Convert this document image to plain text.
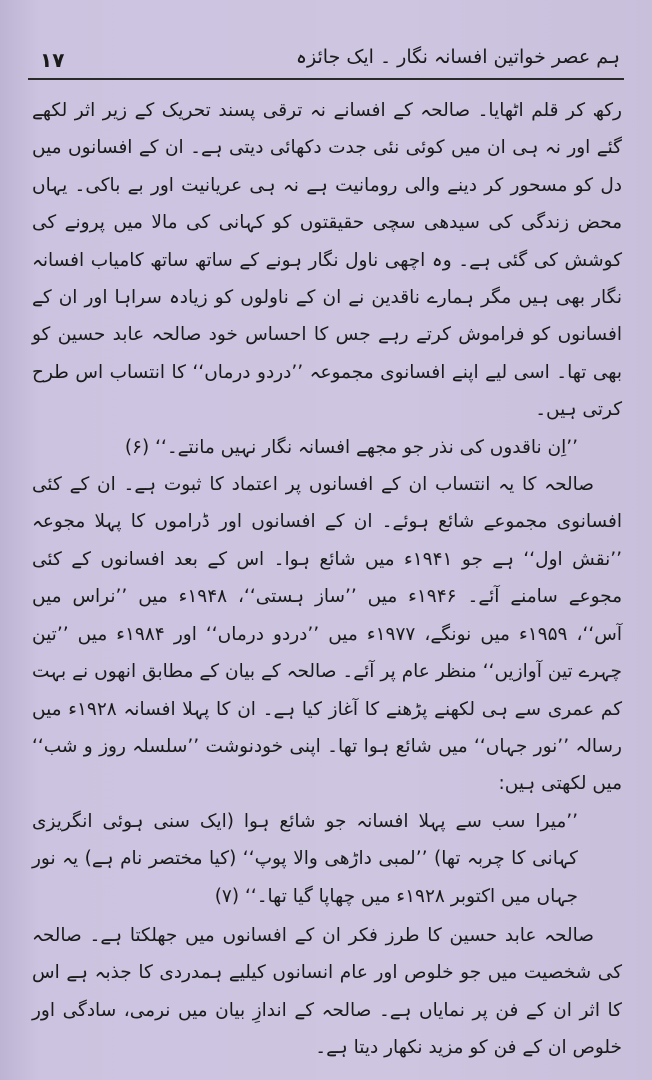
ہم عصر خواتین افسانہ نگار ۔ ایک جائزہ
۱۷

رکھ کر قلم اٹھایا۔ صالحہ کے افسانے نہ ترقی پسند تحریک کے زیر اثر لکھے گئے اور نہ ہی ان میں کوئی نئی جدت دکھائی دیتی ہے۔ ان کے افسانوں میں دل کو مسحور کر دینے والی رومانیت ہے نہ ہی عریانیت اور بے باکی۔ یہاں محض زندگی کی سیدھی سچی حقیقتوں کو کہانی کی مالا میں پرونے کی کوشش کی گئی ہے۔ وہ اچھی ناول نگار ہونے کے ساتھ ساتھ کامیاب افسانہ نگار بھی ہیں مگر ہمارے ناقدین نے ان کے ناولوں کو زیادہ سراہا اور ان کے افسانوں کو فراموش کرتے رہے جس کا احساس خود صالحہ عابد حسین کو بھی تھا۔ اسی لیے اپنے افسانوی مجموعہ ’’دردو درماں‘‘ کا انتساب اس طرح کرتی ہیں۔

’’اِن ناقدوں کی نذر جو مجھے افسانہ نگار نہیں مانتے۔‘‘ (۶)

صالحہ کا یہ انتساب ان کے افسانوں پر اعتماد کا ثبوت ہے۔ ان کے کئی افسانوی مجموعے شائع ہوئے۔ ان کے افسانوں اور ڈراموں کا پہلا مجوعہ ’’نقش اول‘‘ ہے جو ۱۹۴۱ء میں شائع ہوا۔ اس کے بعد افسانوں کے کئی مجوعے سامنے آئے۔ ۱۹۴۶ء میں ’’ساز ہستی‘‘، ۱۹۴۸ء میں ’’نراس میں آس‘‘، ۱۹۵۹ء میں نونگے، ۱۹۷۷ء میں ’’دردو درماں‘‘ اور ۱۹۸۴ء میں ’’تین چہرے تین آوازیں‘‘ منظر عام پر آئے۔ صالحہ کے بیان کے مطابق انھوں نے بہت کم عمری سے ہی لکھنے پڑھنے کا آغاز کیا ہے۔ ان کا پہلا افسانہ ۱۹۲۸ء میں رسالہ ’’نور جہاں‘‘ میں شائع ہوا تھا۔ اپنی خودنوشت ’’سلسلہ روز و شب‘‘ میں لکھتی ہیں:

’’میرا سب سے پہلا افسانہ جو شائع ہوا (ایک سنی ہوئی انگریزی کہانی کا چربہ تھا) ’’لمبی داڑھی والا پوپ‘‘ (کیا مختصر نام ہے) یہ نور جہاں میں اکتوبر ۱۹۲۸ء میں چھاپا گیا تھا۔‘‘ (۷)

صالحہ عابد حسین کا طرز فکر ان کے افسانوں میں جھلکتا ہے۔ صالحہ کی شخصیت میں جو خلوص اور عام انسانوں کیلیے ہمدردی کا جذبہ ہے اس کا اثر ان کے فن پر نمایاں ہے۔ صالحہ کے اندازِ بیان میں نرمی، سادگی اور خلوص ان کے فن کو مزید نکھار دیتا ہے۔
